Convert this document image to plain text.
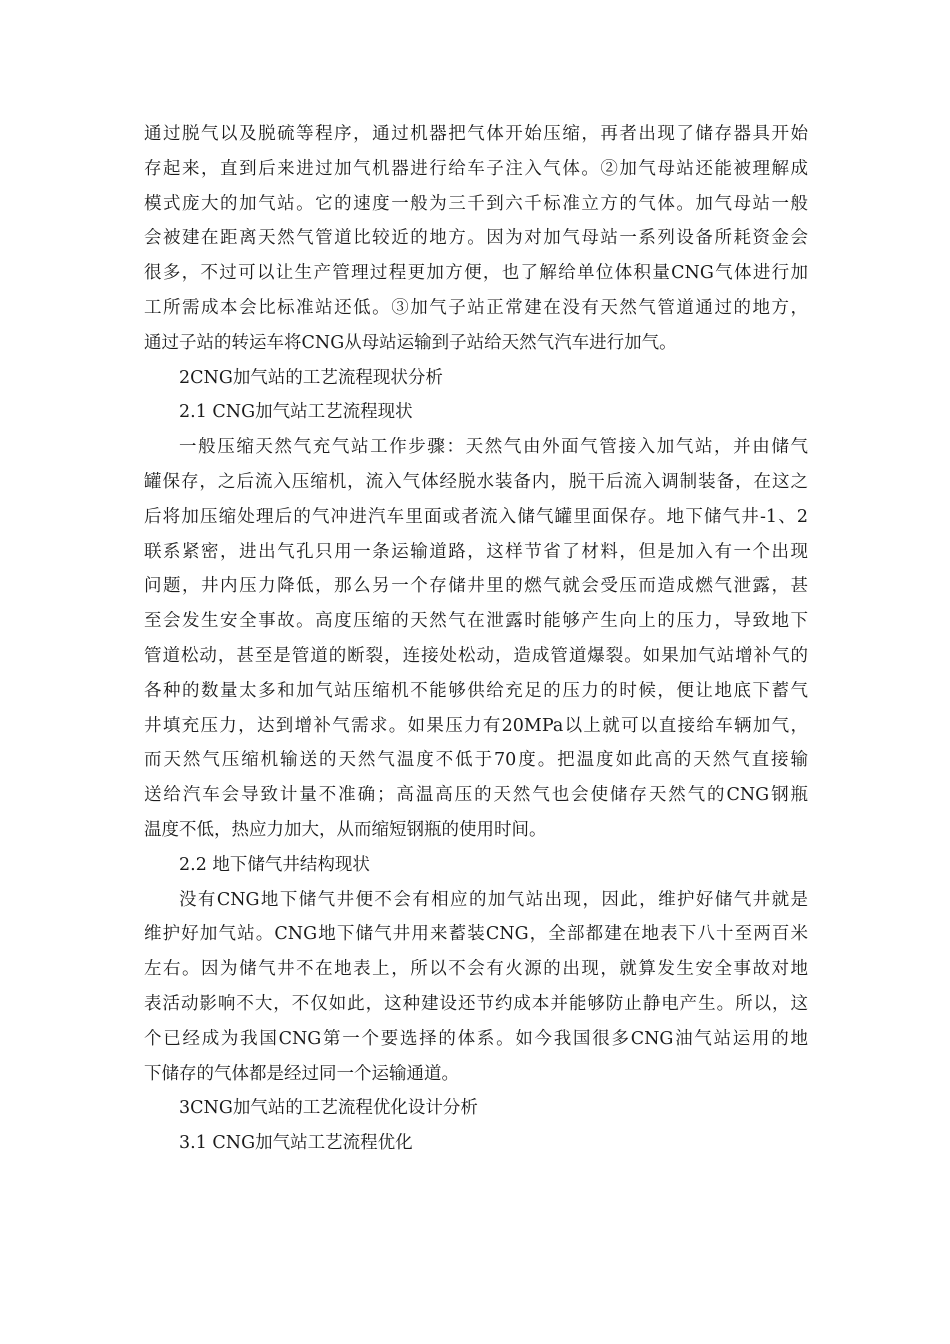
通过脱气以及脱硫等程序，通过机器把气体开始压缩，再者出现了储存器具开始
存起来，直到后来进过加气机器进行给车子注入气体。②加气母站还能被理解成
模式庞大的加气站。它的速度一般为三千到六千标准立方的气体。加气母站一般
会被建在距离天然气管道比较近的地方。因为对加气母站一系列设备所耗资金会
很多，不过可以让生产管理过程更加方便，也了解给单位体积量CNG气体进行加
工所需成本会比标准站还低。③加气子站正常建在没有天然气管道通过的地方，
通过子站的转运车将CNG从母站运输到子站给天然气汽车进行加气。
2CNG加气站的工艺流程现状分析
2.1 CNG加气站工艺流程现状
一般压缩天然气充气站工作步骤：天然气由外面气管接入加气站，并由储气
罐保存，之后流入压缩机，流入气体经脱水装备内，脱干后流入调制装备，在这之
后将加压缩处理后的气冲进汽车里面或者流入储气罐里面保存。地下储气井-1、2
联系紧密，进出气孔只用一条运输道路，这样节省了材料，但是加入有一个出现
问题，井内压力降低，那么另一个存储井里的燃气就会受压而造成燃气泄露，甚
至会发生安全事故。高度压缩的天然气在泄露时能够产生向上的压力，导致地下
管道松动，甚至是管道的断裂，连接处松动，造成管道爆裂。如果加气站增补气的
各种的数量太多和加气站压缩机不能够供给充足的压力的时候，便让地底下蓄气
井填充压力，达到增补气需求。如果压力有20MPa以上就可以直接给车辆加气，
而天然气压缩机输送的天然气温度不低于70度。把温度如此高的天然气直接输
送给汽车会导致计量不准确；高温高压的天然气也会使储存天然气的CNG钢瓶
温度不低，热应力加大，从而缩短钢瓶的使用时间。
2.2 地下储气井结构现状
没有CNG地下储气井便不会有相应的加气站出现，因此，维护好储气井就是
维护好加气站。CNG地下储气井用来蓄装CNG，全部都建在地表下八十至两百米
左右。因为储气井不在地表上，所以不会有火源的出现，就算发生安全事故对地
表活动影响不大，不仅如此，这种建设还节约成本并能够防止静电产生。所以，这
个已经成为我国CNG第一个要选择的体系。如今我国很多CNG油气站运用的地
下储存的气体都是经过同一个运输通道。
3CNG加气站的工艺流程优化设计分析
3.1 CNG加气站工艺流程优化
